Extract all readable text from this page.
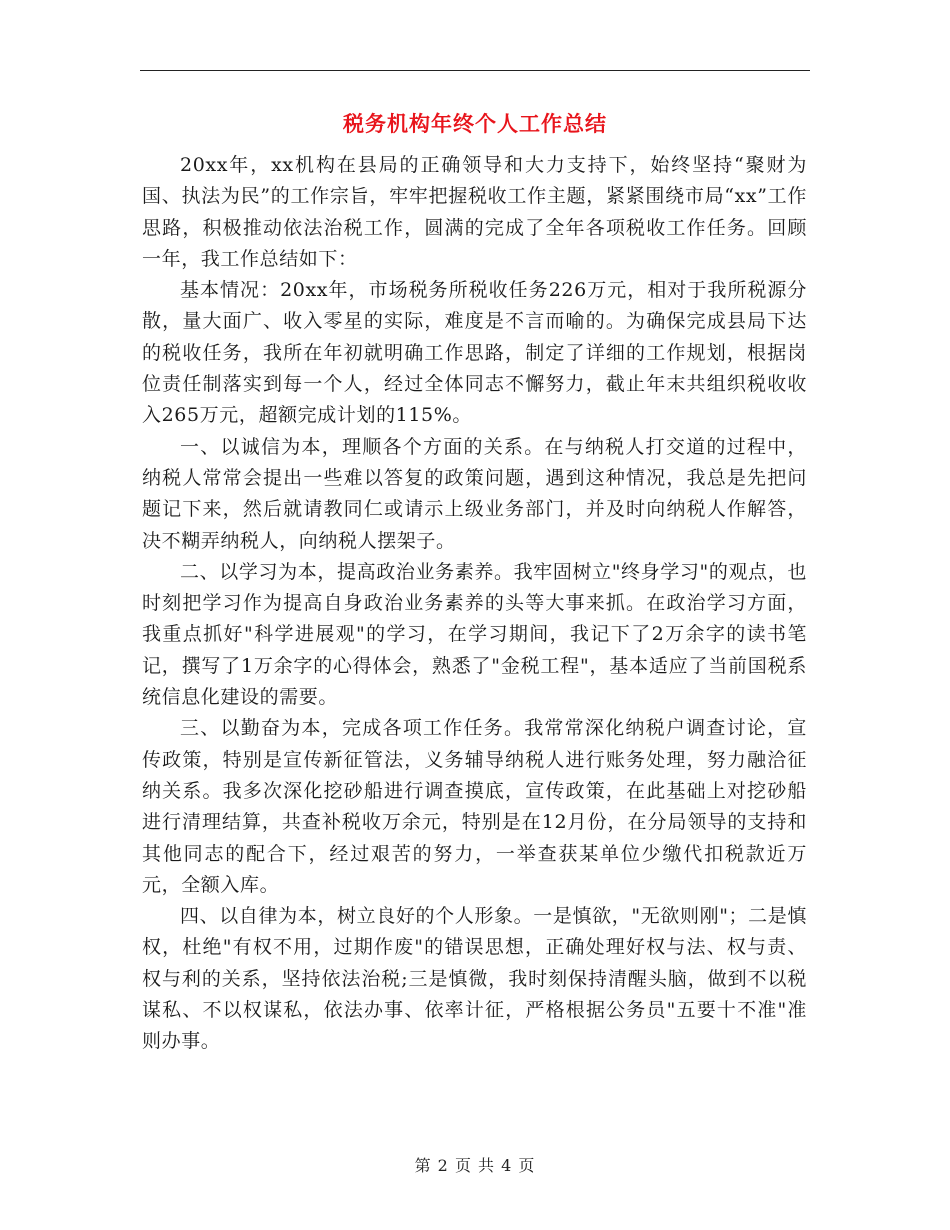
税务机构年终个人工作总结

20xx年，xx机构在县局的正确领导和大力支持下，始终坚持“聚财为国、执法为民”的工作宗旨，牢牢把握税收工作主题，紧紧围绕市局“xx”工作思路，积极推动依法治税工作，圆满的完成了全年各项税收工作任务。回顾一年，我工作总结如下：

基本情况：20xx年，市场税务所税收任务226万元，相对于我所税源分散，量大面广、收入零星的实际，难度是不言而喻的。为确保完成县局下达的税收任务，我所在年初就明确工作思路，制定了详细的工作规划，根据岗位责任制落实到每一个人，经过全体同志不懈努力，截止年末共组织税收收入265万元，超额完成计划的115%。

一、以诚信为本，理顺各个方面的关系。在与纳税人打交道的过程中，纳税人常常会提出一些难以答复的政策问题，遇到这种情况，我总是先把问题记下来，然后就请教同仁或请示上级业务部门，并及时向纳税人作解答，决不糊弄纳税人，向纳税人摆架子。

二、以学习为本，提高政治业务素养。我牢固树立"终身学习"的观点，也时刻把学习作为提高自身政治业务素养的头等大事来抓。在政治学习方面，我重点抓好"科学进展观"的学习，在学习期间，我记下了2万余字的读书笔记，撰写了1万余字的心得体会，熟悉了"金税工程"，基本适应了当前国税系统信息化建设的需要。

三、以勤奋为本，完成各项工作任务。我常常深化纳税户调查讨论，宣传政策，特别是宣传新征管法，义务辅导纳税人进行账务处理，努力融洽征纳关系。我多次深化挖砂船进行调查摸底，宣传政策，在此基础上对挖砂船进行清理结算，共查补税收万余元，特别是在12月份，在分局领导的支持和其他同志的配合下，经过艰苦的努力，一举查获某单位少缴代扣税款近万元，全额入库。

四、以自律为本，树立良好的个人形象。一是慎欲，"无欲则刚"；二是慎权，杜绝"有权不用，过期作废"的错误思想，正确处理好权与法、权与责、权与利的关系，坚持依法治税;三是慎微，我时刻保持清醒头脑，做到不以税谋私、不以权谋私，依法办事、依率计征，严格根据公务员"五要十不准"准则办事。

第 2 页 共 4 页
